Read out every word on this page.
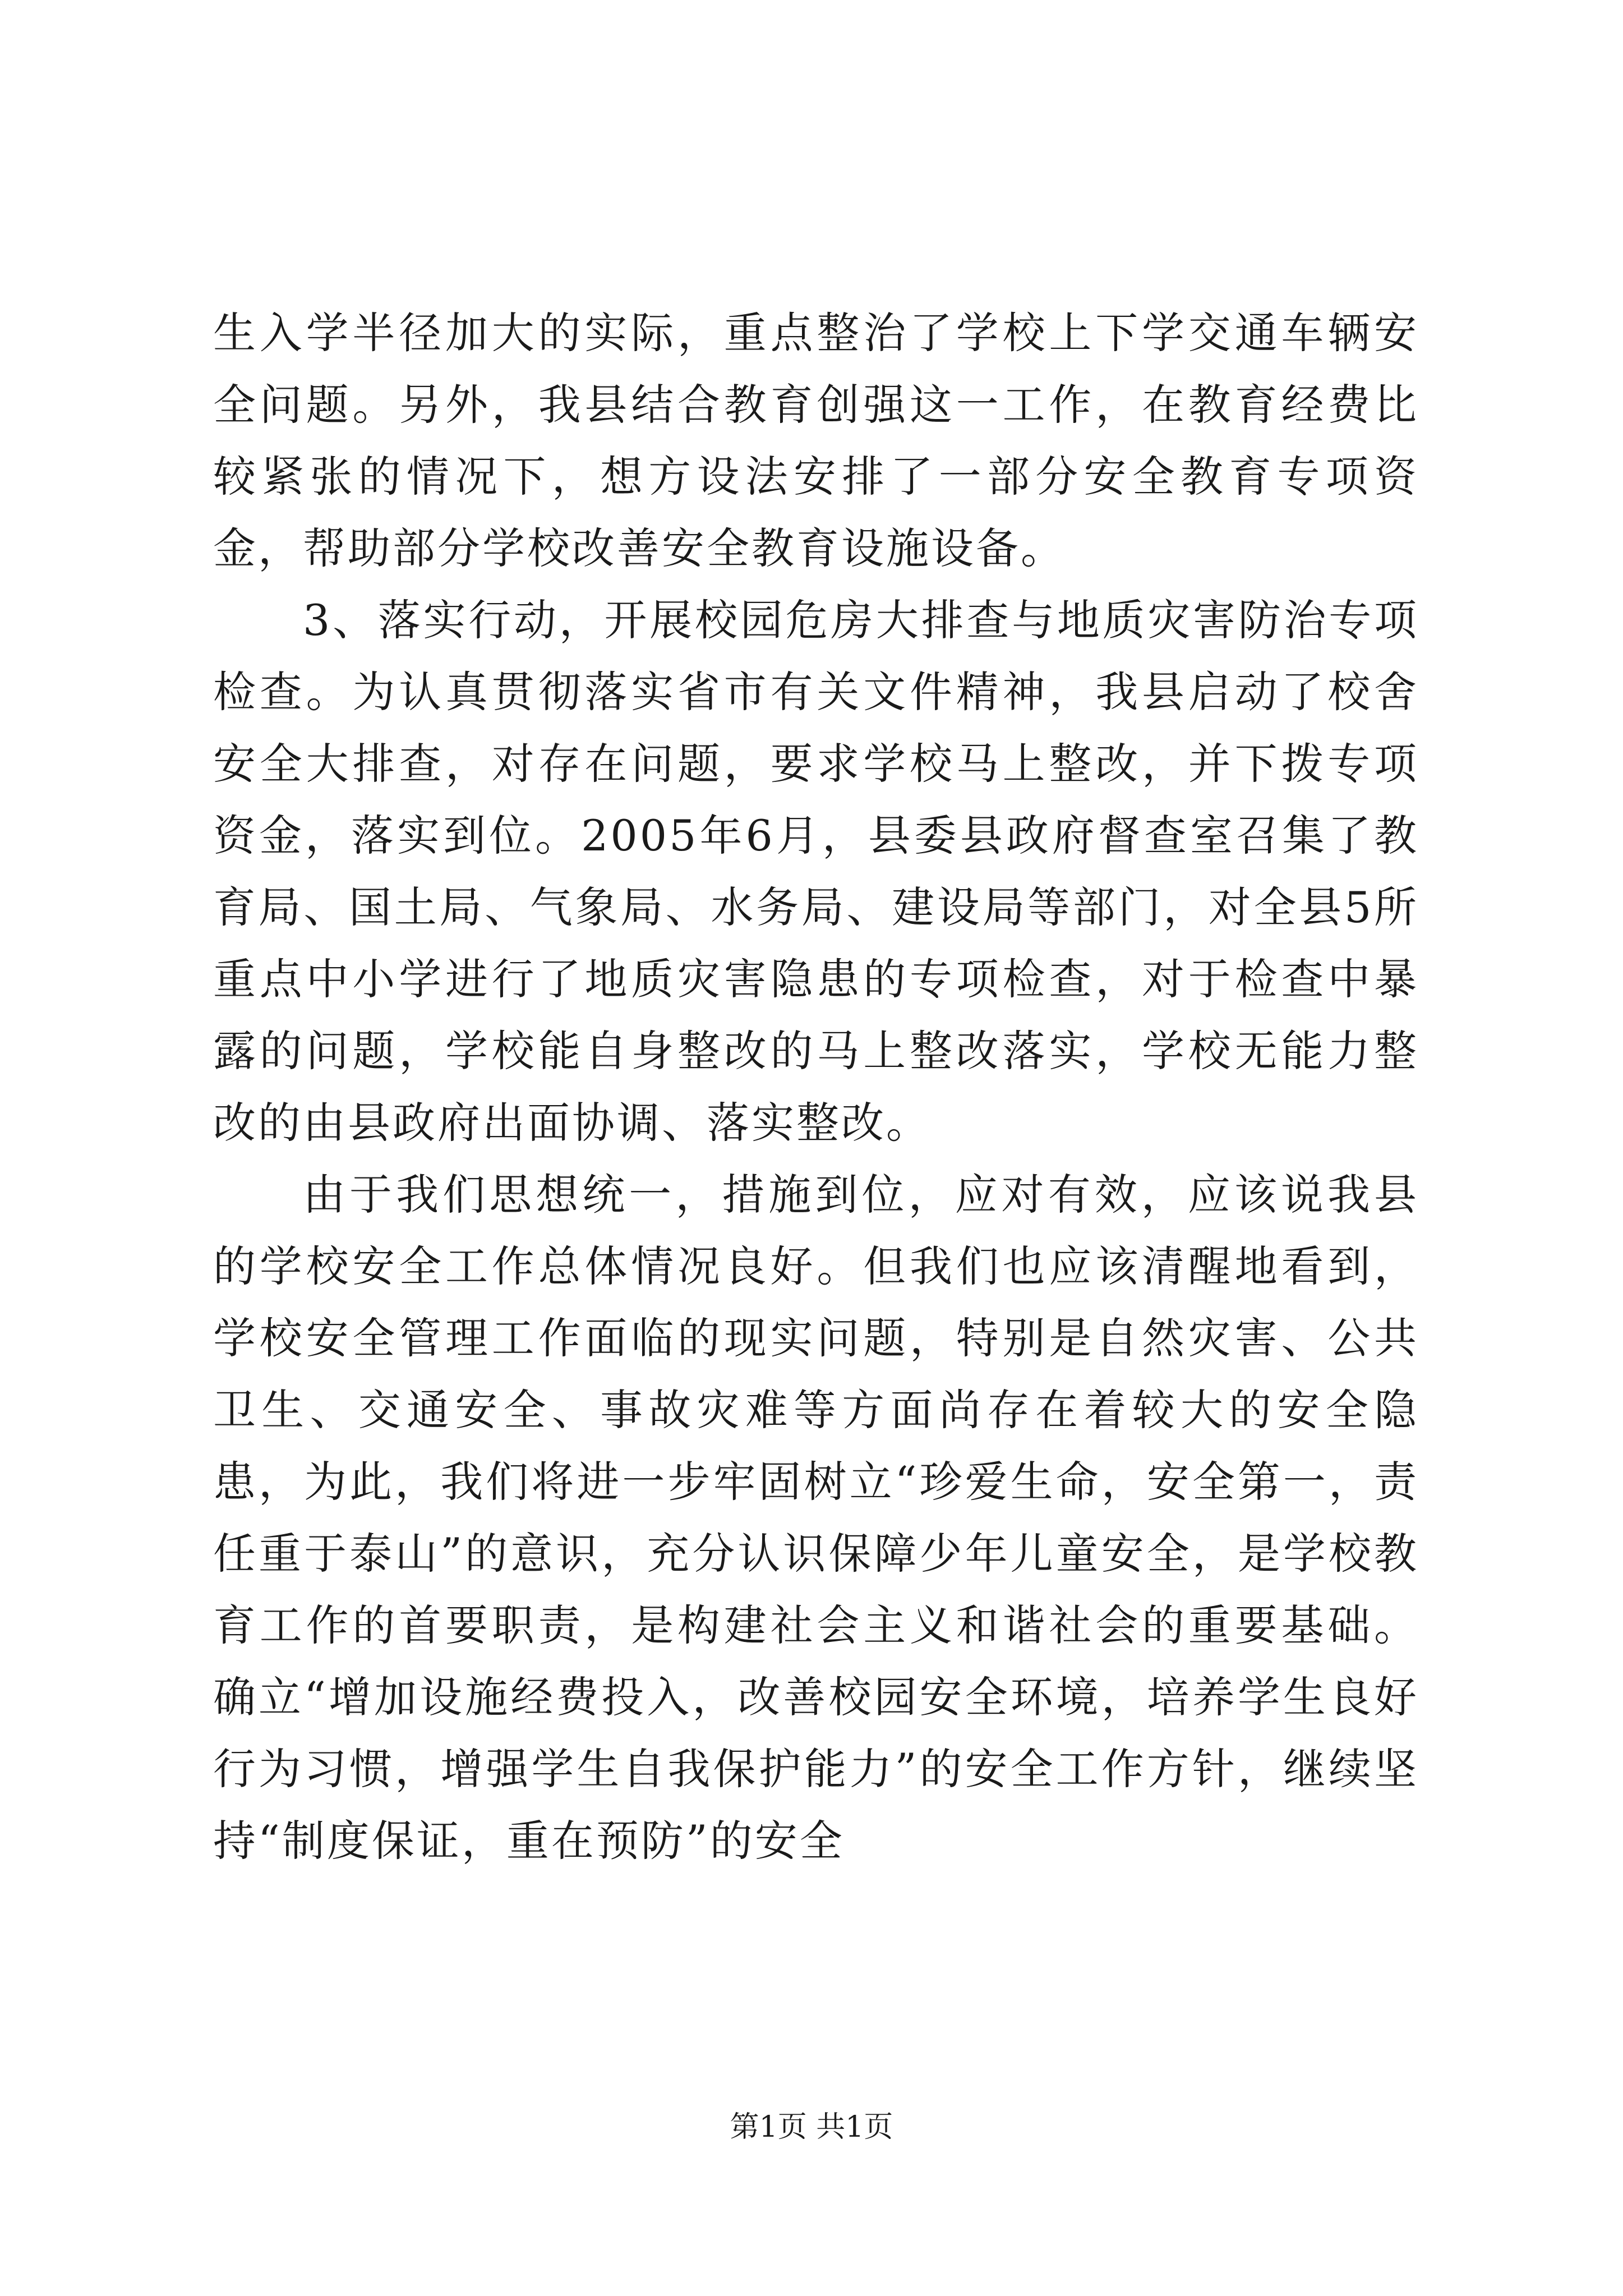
生入学半径加大的实际，重点整治了学校上下学交通车辆安全问题。另外，我县结合教育创强这一工作，在教育经费比较紧张的情况下，想方设法安排了一部分安全教育专项资金，帮助部分学校改善安全教育设施设备。

3、落实行动，开展校园危房大排查与地质灾害防治专项检查。为认真贯彻落实省市有关文件精神，我县启动了校舍安全大排查，对存在问题，要求学校马上整改，并下拨专项资金，落实到位。2005年6月，县委县政府督查室召集了教育局、国土局、气象局、水务局、建设局等部门，对全县5所重点中小学进行了地质灾害隐患的专项检查，对于检查中暴露的问题，学校能自身整改的马上整改落实，学校无能力整改的由县政府出面协调、落实整改。

由于我们思想统一，措施到位，应对有效，应该说我县的学校安全工作总体情况良好。但我们也应该清醒地看到，学校安全管理工作面临的现实问题，特别是自然灾害、公共卫生、交通安全、事故灾难等方面尚存在着较大的安全隐患，为此，我们将进一步牢固树立“珍爱生命，安全第一，责任重于泰山”的意识，充分认识保障少年儿童安全，是学校教育工作的首要职责，是构建社会主义和谐社会的重要基础。确立“增加设施经费投入，改善校园安全环境，培养学生良好行为习惯，增强学生自我保护能力”的安全工作方针，继续坚持“制度保证，重在预防”的安全

第1页 共1页
